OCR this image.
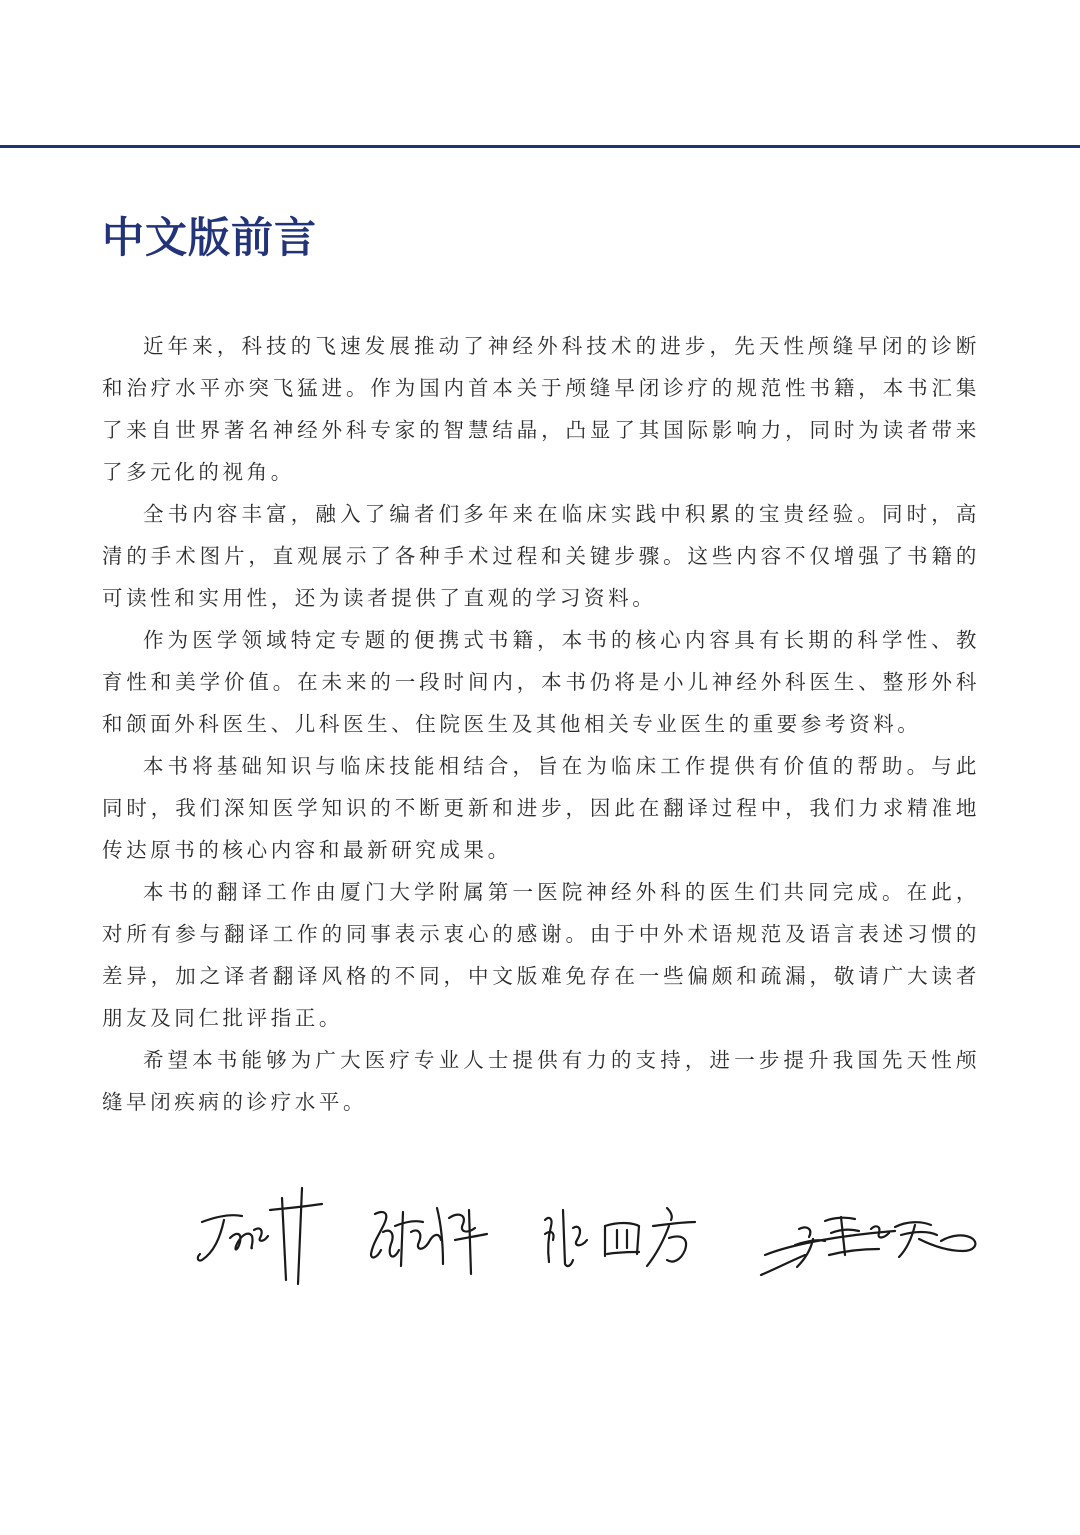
中文版前言

近年来，科技的飞速发展推动了神经外科技术的进步，先天性颅缝早闭的诊断和治疗水平亦突飞猛进。作为国内首本关于颅缝早闭诊疗的规范性书籍，本书汇集了来自世界著名神经外科专家的智慧结晶，凸显了其国际影响力，同时为读者带来了多元化的视角。

全书内容丰富，融入了编者们多年来在临床实践中积累的宝贵经验。同时，高清的手术图片，直观展示了各种手术过程和关键步骤。这些内容不仅增强了书籍的可读性和实用性，还为读者提供了直观的学习资料。

作为医学领域特定专题的便携式书籍，本书的核心内容具有长期的科学性、教育性和美学价值。在未来的一段时间内，本书仍将是小儿神经外科医生、整形外科和颌面外科医生、儿科医生、住院医生及其他相关专业医生的重要参考资料。

本书将基础知识与临床技能相结合，旨在为临床工作提供有价值的帮助。与此同时，我们深知医学知识的不断更新和进步，因此在翻译过程中，我们力求精准地传达原书的核心内容和最新研究成果。

本书的翻译工作由厦门大学附属第一医院神经外科的医生们共同完成。在此，对所有参与翻译工作的同事表示衷心的感谢。由于中外术语规范及语言表述习惯的差异，加之译者翻译风格的不同，中文版难免存在一些偏颇和疏漏，敬请广大读者朋友及同仁批评指正。

希望本书能够为广大医疗专业人士提供有力的支持，进一步提升我国先天性颅缝早闭疾病的诊疗水平。
